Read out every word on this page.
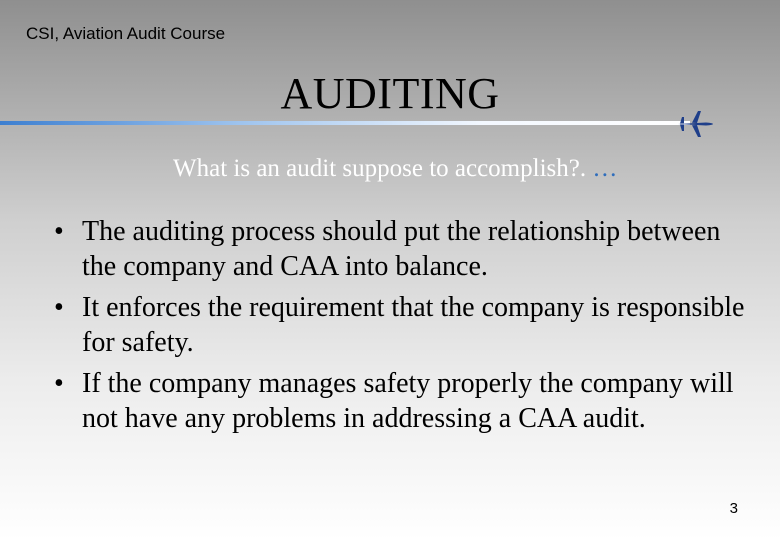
CSI, Aviation Audit Course
AUDITING
What is an audit suppose to accomplish?. …
• The auditing process should put the relationship between the company and CAA into balance.
• It enforces the requirement that the company is responsible for safety.
• If the company manages safety properly the company will not have any problems in addressing a CAA audit.
3
